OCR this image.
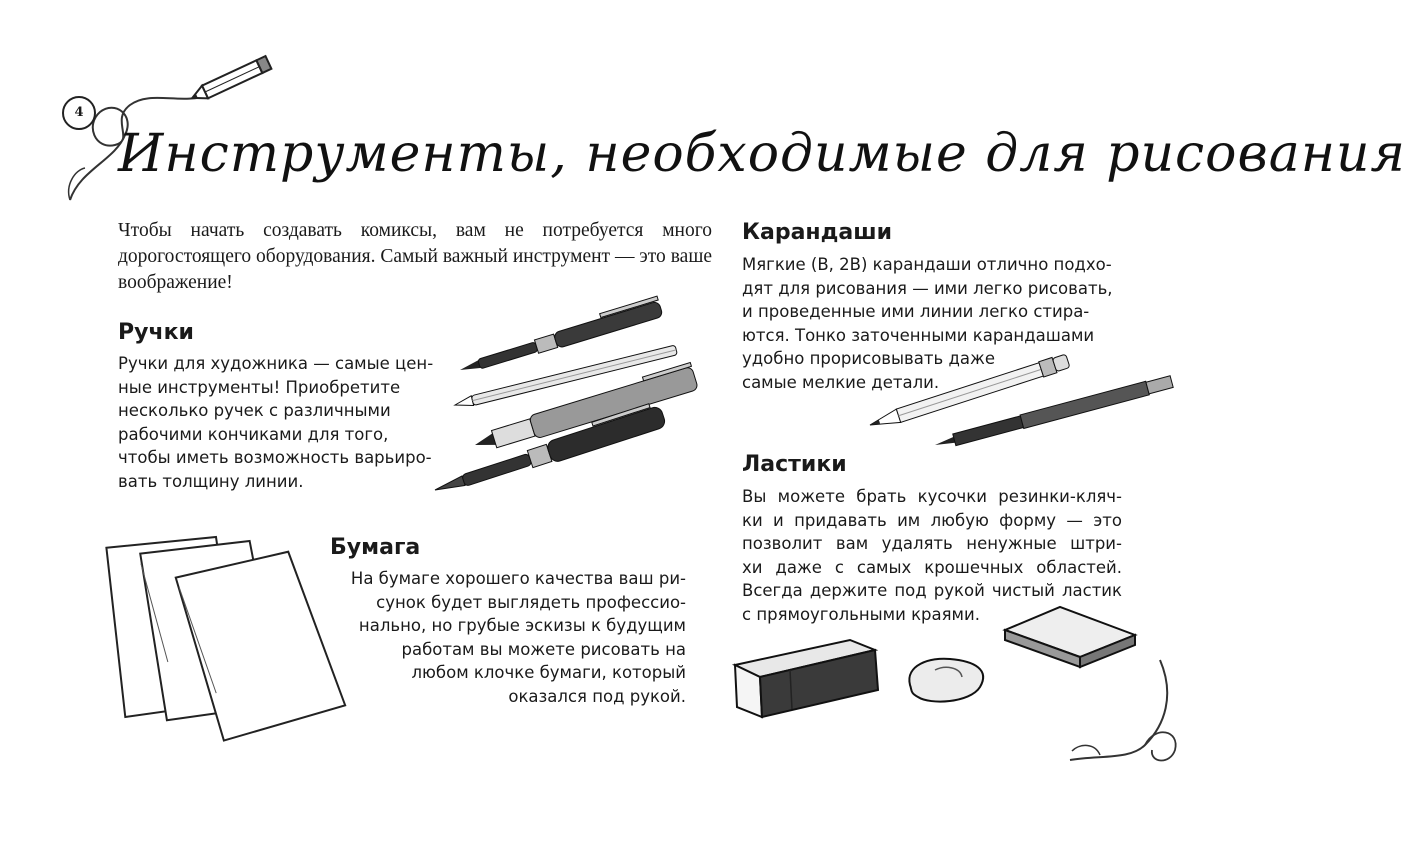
4
Инструменты, необходимые для рисования
Чтобы начать создавать комиксы, вам не потребуется много дорогостоящего оборудования. Самый важный инструмент — это ваше воображение!
Ручки
Ручки для художника — самые цен-
ные инструменты! Приобретите
несколько ручек с различными
рабочими кончиками для того,
чтобы иметь возможность варьиро-
вать толщину линии.
Бумага
На бумаге хорошего качества ваш ри-
сунок будет выглядеть профессио-
нально, но грубые эскизы к будущим
работам вы можете рисовать на
любом клочке бумаги, который
оказался под рукой.
Карандаши
Мягкие (B, 2B) карандаши отлично подхо-
дят для рисования — ими легко рисовать,
и проведенные ими линии легко стира-
ются. Тонко заточенными карандашами
удобно прорисовывать даже
самые мелкие детали.
Ластики
Вы можете брать кусочки резинки-кляч-
ки и придавать им любую форму — это
позволит вам удалять ненужные штри-
хи даже с самых крошечных областей.
Всегда держите под рукой чистый ластик
с прямоугольными краями.
